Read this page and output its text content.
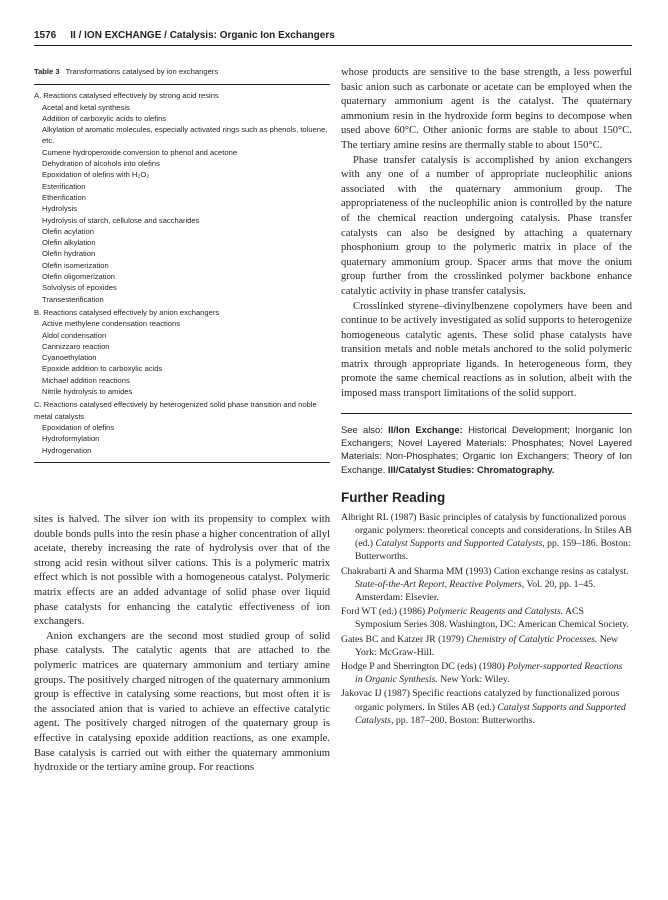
1576 II / ION EXCHANGE / Catalysis: Organic Ion Exchangers
Table 3 Transformations catalysed by ion exchangers
A. Reactions catalysed effectively by strong acid resins
Acetal and ketal synthesis
Addition of carboxylic acids to olefins
Alkylation of aromatic molecules, especially activated rings such as phenols, toluene, etc.
Cumene hydroperoxide conversion to phenol and acetone
Dehydration of alcohols into olefins
Epoxidation of olefins with H₂O₂
Esterification
Etherification
Hydrolysis
Hydrolysis of starch, cellulose and saccharides
Olefin acylation
Olefin alkylation
Olefin hydration
Olefin isomerization
Olefin oligomerization
Solvolysis of epoxides
Transesterification
B. Reactions catalysed effectively by anion exchangers
Active methylene condensation reactions
Aldol condensation
Cannizzaro reaction
Cyanoethylation
Epoxide addition to carboxylic acids
Michael addition reactions
Nitrile hydrolysis to amides
C. Reactions catalysed effectively by heterogenized solid phase transition and noble metal catalysts
Epoxidation of olefins
Hydroformylation
Hydrogenation

sites is halved. The silver ion with its propensity to complex with double bonds pulls into the resin phase a higher concentration of allyl acetate, thereby increasing the rate of hydrolysis over that of the strong acid resin without silver cations. This is a polymeric matrix effect which is not possible with a homogeneous catalyst. Polymeric matrix effects are an added advantage of solid phase over liquid phase catalysts for enhancing the catalytic effectiveness of ion exchangers.

Anion exchangers are the second most studied group of solid phase catalysts. The catalytic agents that are attached to the polymeric matrices are quaternary ammonium and tertiary amine groups. The positively charged nitrogen of the quaternary ammonium group is effective in catalysing some reactions, but most often it is the associated anion that is varied to achieve an effective catalytic agent. The positively charged nitrogen of the quaternary group is effective in catalysing epoxide addition reactions, as one example. Base catalysis is carried out with either the quaternary ammonium hydroxide or the tertiary amine group. For reactions

whose products are sensitive to the base strength, a less powerful basic anion such as carbonate or acetate can be employed when the quaternary ammonium agent is the catalyst. The quaternary ammonium resin in the hydroxide form begins to decompose when used above 60°C. Other anionic forms are stable to about 150°C. The tertiary amine resins are thermally stable to about 150°C.

Phase transfer catalysis is accomplished by anion exchangers with any one of a number of appropriate nucleophilic anions associated with the quaternary ammonium group. The appropriateness of the nucleophilic anion is controlled by the nature of the chemical reaction undergoing catalysis. Phase transfer catalysts can also be designed by attaching a quaternary phosphonium group to the polymeric matrix in place of the quaternary ammonium group. Spacer arms that move the onium group further from the crosslinked polymer backbone enhance catalytic activity in phase transfer catalysis.

Crosslinked styrene–divinylbenzene copolymers have been and continue to be actively investigated as solid supports to heterogenize homogeneous catalytic agents. These solid phase catalysts have transition metals and noble metals anchored to the solid polymeric matrix through appropriate ligands. In heterogeneous form, they promote the same chemical reactions as in solution, albeit with the imposed mass transport limitations of the solid support.

See also: II/Ion Exchange: Historical Development; Inorganic Ion Exchangers; Novel Layered Materials: Phosphates; Novel Layered Materials: Non-Phosphates; Organic Ion Exchangers; Theory of Ion Exchange. III/Catalyst Studies: Chromatography.
Further Reading
Albright RL (1987) Basic principles of catalysis by functionalized porous organic polymers: theoretical concepts and considerations. In Stiles AB (ed.) Catalyst Supports and Supported Catalysts, pp. 159–186. Boston: Butterworths.
Chakrabarti A and Sharma MM (1993) Cation exchange resins as catalyst. State-of-the-Art Report, Reactive Polymers, Vol. 20, pp. 1–45. Amsterdam: Elsevier.
Ford WT (ed.) (1986) Polymeric Reagents and Catalysts. ACS Symposium Series 308. Washington, DC: American Chemical Society.
Gates BC and Katzer JR (1979) Chemistry of Catalytic Processes. New York: McGraw-Hill.
Hodge P and Sherrington DC (eds) (1980) Polymer-supported Reactions in Organic Synthesis. New York: Wiley.
Jakovac IJ (1987) Specific reactions catalyzed by functionalized porous organic polymers. In Stiles AB (ed.) Catalyst Supports and Supported Catalysts, pp. 187–200. Boston: Butterworths.
